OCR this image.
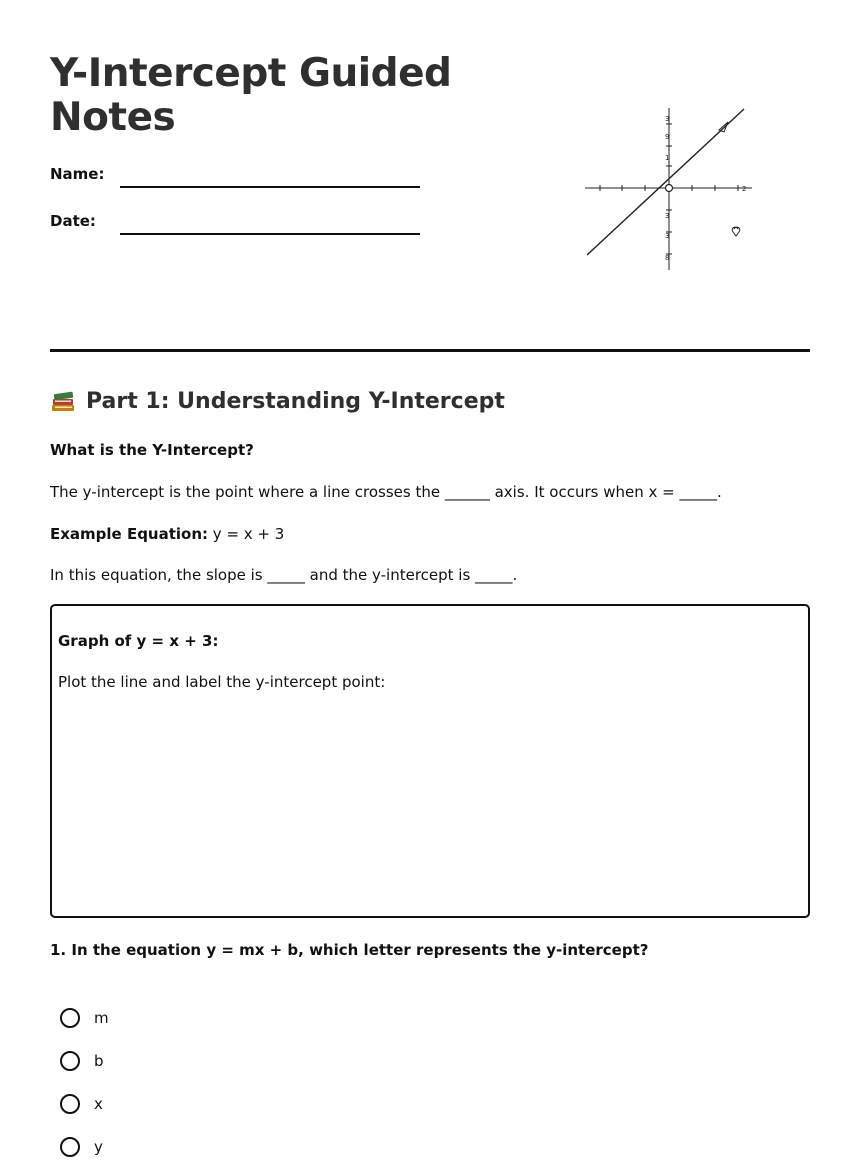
Y-Intercept Guided Notes
Name:
Date:
3
9
1
3
3
8
2
Part 1: Understanding Y-Intercept
What is the Y-Intercept?
The y-intercept is the point where a line crosses the ______ axis. It occurs when x = _____.
Example Equation: y = x + 3
In this equation, the slope is _____ and the y-intercept is _____.
Graph of y = x + 3:
Plot the line and label the y-intercept point:
1. In the equation y = mx + b, which letter represents the y-intercept?
m
b
x
y
